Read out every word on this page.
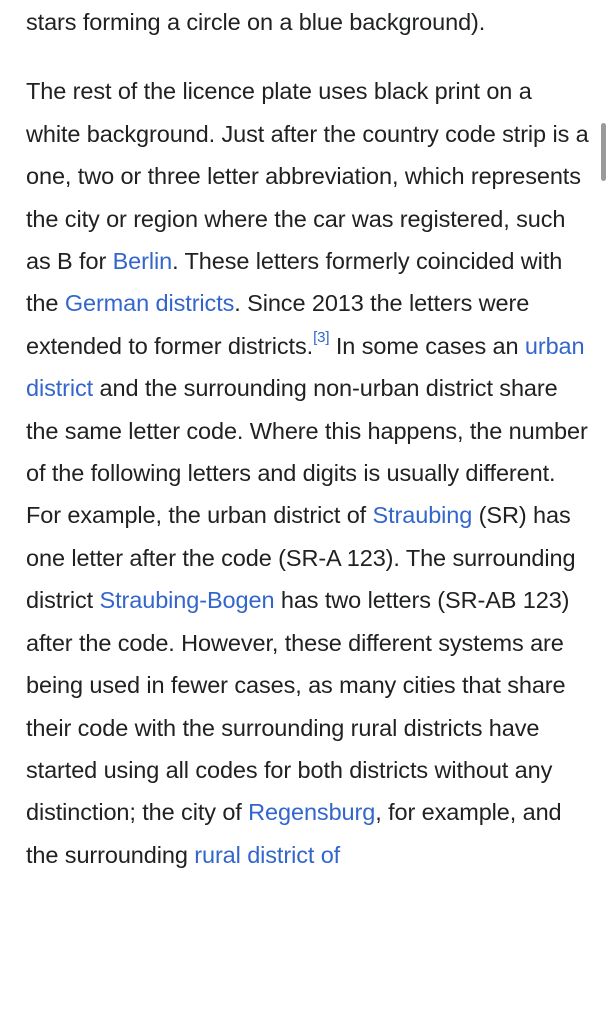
stars forming a circle on a blue background).

The rest of the licence plate uses black print on a white background. Just after the country code strip is a one, two or three letter abbreviation, which represents the city or region where the car was registered, such as B for Berlin. These letters formerly coincided with the German districts. Since 2013 the letters were extended to former districts.[3] In some cases an urban district and the surrounding non-urban district share the same letter code. Where this happens, the number of the following letters and digits is usually different. For example, the urban district of Straubing (SR) has one letter after the code (SR-A 123). The surrounding district Straubing-Bogen has two letters (SR-AB 123) after the code. However, these different systems are being used in fewer cases, as many cities that share their code with the surrounding rural districts have started using all codes for both districts without any distinction; the city of Regensburg, for example, and the surrounding rural district of
